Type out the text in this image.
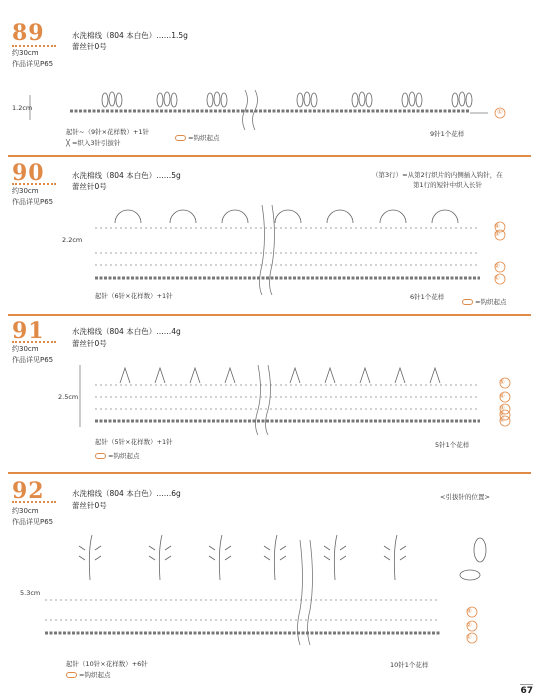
89
约30cm
作品详见P65
水洗棉线（804 本白色）……1.5g
蕾丝针0号
1.2cm	①
起针~（9针×花样数）+1针
╳ =织入3针引拔针
=钩织起点	9针1个花样
90
约30cm
作品详见P65
水洗棉线（804 本白色）……5g
蕾丝针0号
（第3行）=从第2行织片的内侧插入钩针，在
第1行的短针中织入长针
2.2cm
起针（6针×花样数）+1针	6针1个花样
=钩织起点
91
约30cm
作品详见P65
水洗棉线（804 本白色）……4g
蕾丝针0号
2.5cm
起针（5针×花样数）+1针	5针1个花样
=钩织起点
92
约30cm
作品详见P65
水洗棉线（804 本白色）……6g
蕾丝针0号
<引拔针的位置>
5.3cm
起针（10针×花样数）+6针	10针1个花样
=钩织起点
67
④
③
②
①
⑤
④
③
②
①
③
②
①
